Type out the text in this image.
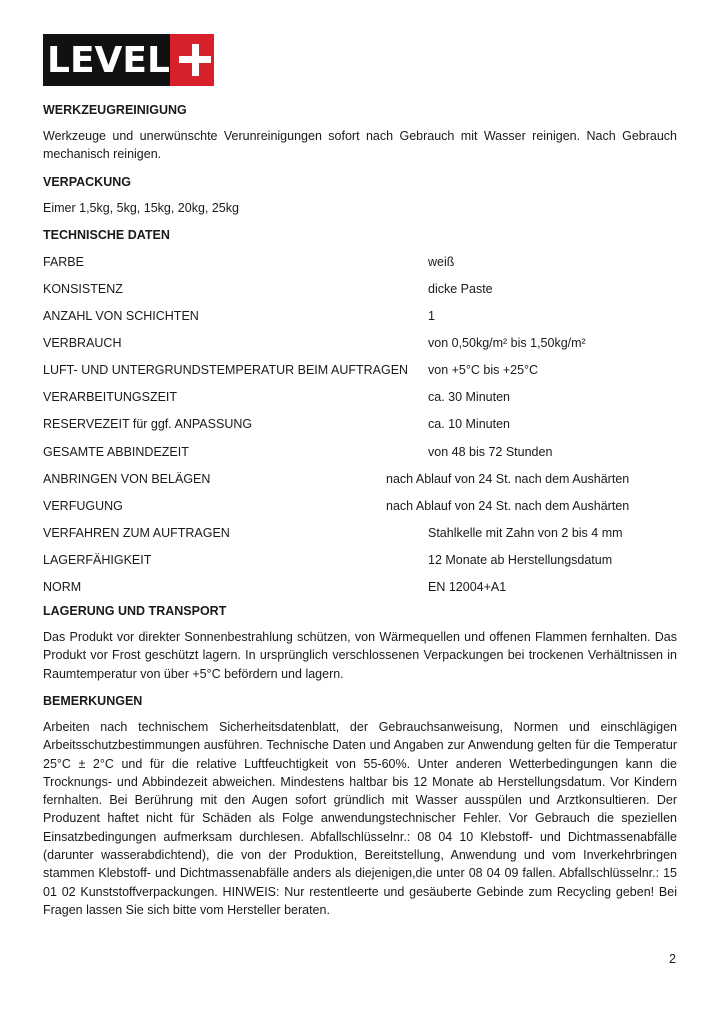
LEVEL

WERKZEUGREINIGUNG

Werkzeuge und unerwünschte Verunreinigungen sofort nach Gebrauch mit Wasser reinigen. Nach Gebrauch mechanisch reinigen.

VERPACKUNG

Eimer 1,5kg, 5kg, 15kg, 20kg, 25kg

TECHNISCHE DATEN

FARBE	weiß
KONSISTENZ	dicke Paste
ANZAHL VON SCHICHTEN	1
VERBRAUCH	von 0,50kg/m² bis 1,50kg/m²
LUFT- UND UNTERGRUNDSTEMPERATUR BEIM AUFTRAGEN von +5°C bis +25°C
VERARBEITUNGSZEIT	ca. 30 Minuten
RESERVEZEIT für ggf. ANPASSUNG	ca. 10 Minuten
GESAMTE ABBINDEZEIT	von 48 bis 72 Stunden
ANBRINGEN VON BELÄGEN	nach Ablauf von 24 St. nach dem Aushärten
VERFUGUNG	nach Ablauf von 24 St. nach dem Aushärten
VERFAHREN ZUM AUFTRAGEN	Stahlkelle mit Zahn von 2 bis 4 mm
LAGERFÄHIGKEIT	12 Monate ab Herstellungsdatum
NORM	EN 12004+A1

LAGERUNG UND TRANSPORT

Das Produkt vor direkter Sonnenbestrahlung schützen, von Wärmequellen und offenen Flammen fernhalten. Das Produkt vor Frost geschützt lagern. In ursprünglich verschlossenen Verpackungen bei trockenen Verhältnissen in Raumtemperatur von über +5°C befördern und lagern.

BEMERKUNGEN

Arbeiten nach technischem Sicherheitsdatenblatt, der Gebrauchsanweisung, Normen und einschlägigen Arbeitsschutzbestimmungen ausführen. Technische Daten und Angaben zur Anwendung gelten für die Temperatur 25°C ± 2°C und für die relative Luftfeuchtigkeit von 55-60%. Unter anderen Wetterbedingungen kann die Trocknungs- und Abbindezeit abweichen. Mindestens haltbar bis 12 Monate ab Herstellungsdatum. Vor Kindern fernhalten. Bei Berührung mit den Augen sofort gründlich mit Wasser ausspülen und Arztkonsultieren. Der Produzent haftet nicht für Schäden als Folge anwendungstechnischer Fehler. Vor Gebrauch die speziellen Einsatzbedingungen aufmerksam durchlesen. Abfallschlüsselnr.: 08 04 10 Klebstoff- und Dichtmassenabfälle (darunter wasserabdichtend), die von der Produktion, Bereitstellung, Anwendung und vom Inverkehrbringen stammen Klebstoff- und Dichtmassenabfälle anders als diejenigen,die unter 08 04 09 fallen. Abfallschlüsselnr.: 15 01 02 Kunststoffverpackungen. HINWEIS: Nur restentleerte und gesäuberte Gebinde zum Recycling geben! Bei Fragen lassen Sie sich bitte vom Hersteller beraten.

2
